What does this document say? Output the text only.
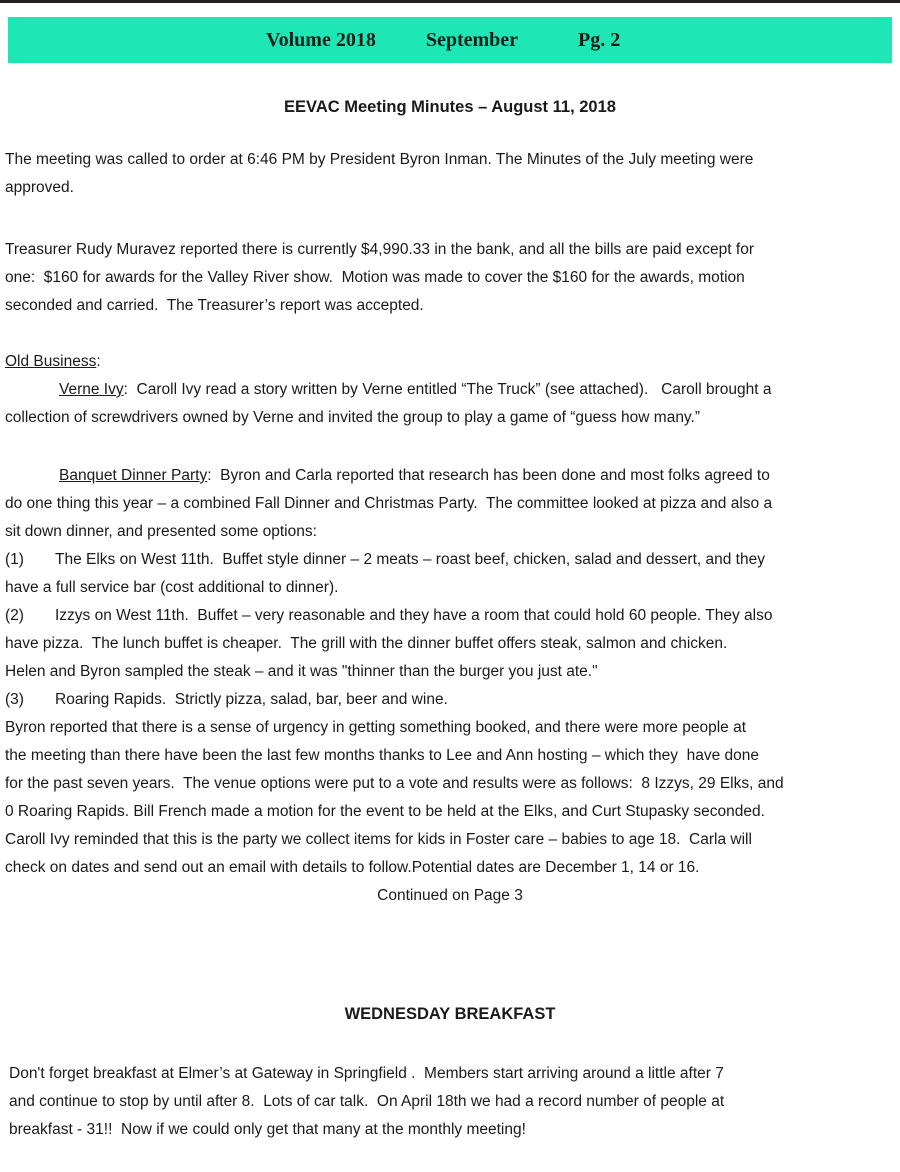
Volume 2018	September	Pg. 2
EEVAC Meeting Minutes – August 11, 2018
The meeting was called to order at 6:46 PM by President Byron Inman. The Minutes of the July meeting were
approved.
Treasurer Rudy Muravez reported there is currently $4,990.33 in the bank, and all the bills are paid except for
one:  $160 for awards for the Valley River show.  Motion was made to cover the $160 for the awards, motion
seconded and carried.  The Treasurer’s report was accepted.
Old Business:
Verne Ivy:  Caroll Ivy read a story written by Verne entitled “The Truck” (see attached).   Caroll brought a
collection of screwdrivers owned by Verne and invited the group to play a game of “guess how many.”
Banquet Dinner Party:  Byron and Carla reported that research has been done and most folks agreed to
do one thing this year – a combined Fall Dinner and Christmas Party.  The committee looked at pizza and also a
sit down dinner, and presented some options:
(1) The Elks on West 11th.  Buffet style dinner – 2 meats – roast beef, chicken, salad and dessert, and they
have a full service bar (cost additional to dinner).
(2) Izzys on West 11th.  Buffet – very reasonable and they have a room that could hold 60 people. They also
have pizza.  The lunch buffet is cheaper.  The grill with the dinner buffet offers steak, salmon and chicken.
Helen and Byron sampled the steak – and it was "thinner than the burger you just ate."
(3) Roaring Rapids.  Strictly pizza, salad, bar, beer and wine.
Byron reported that there is a sense of urgency in getting something booked, and there were more people at
the meeting than there have been the last few months thanks to Lee and Ann hosting – which they  have done
for the past seven years.  The venue options were put to a vote and results were as follows:  8 Izzys, 29 Elks, and
0 Roaring Rapids. Bill French made a motion for the event to be held at the Elks, and Curt Stupasky seconded.
Caroll Ivy reminded that this is the party we collect items for kids in Foster care – babies to age 18.  Carla will
check on dates and send out an email with details to follow.Potential dates are December 1, 14 or 16.
Continued on Page 3
WEDNESDAY BREAKFAST
Don't forget breakfast at Elmer’s at Gateway in Springfield .  Members start arriving around a little after 7
and continue to stop by until after 8.  Lots of car talk.  On April 18th we had a record number of people at
breakfast - 31!!  Now if we could only get that many at the monthly meeting!
